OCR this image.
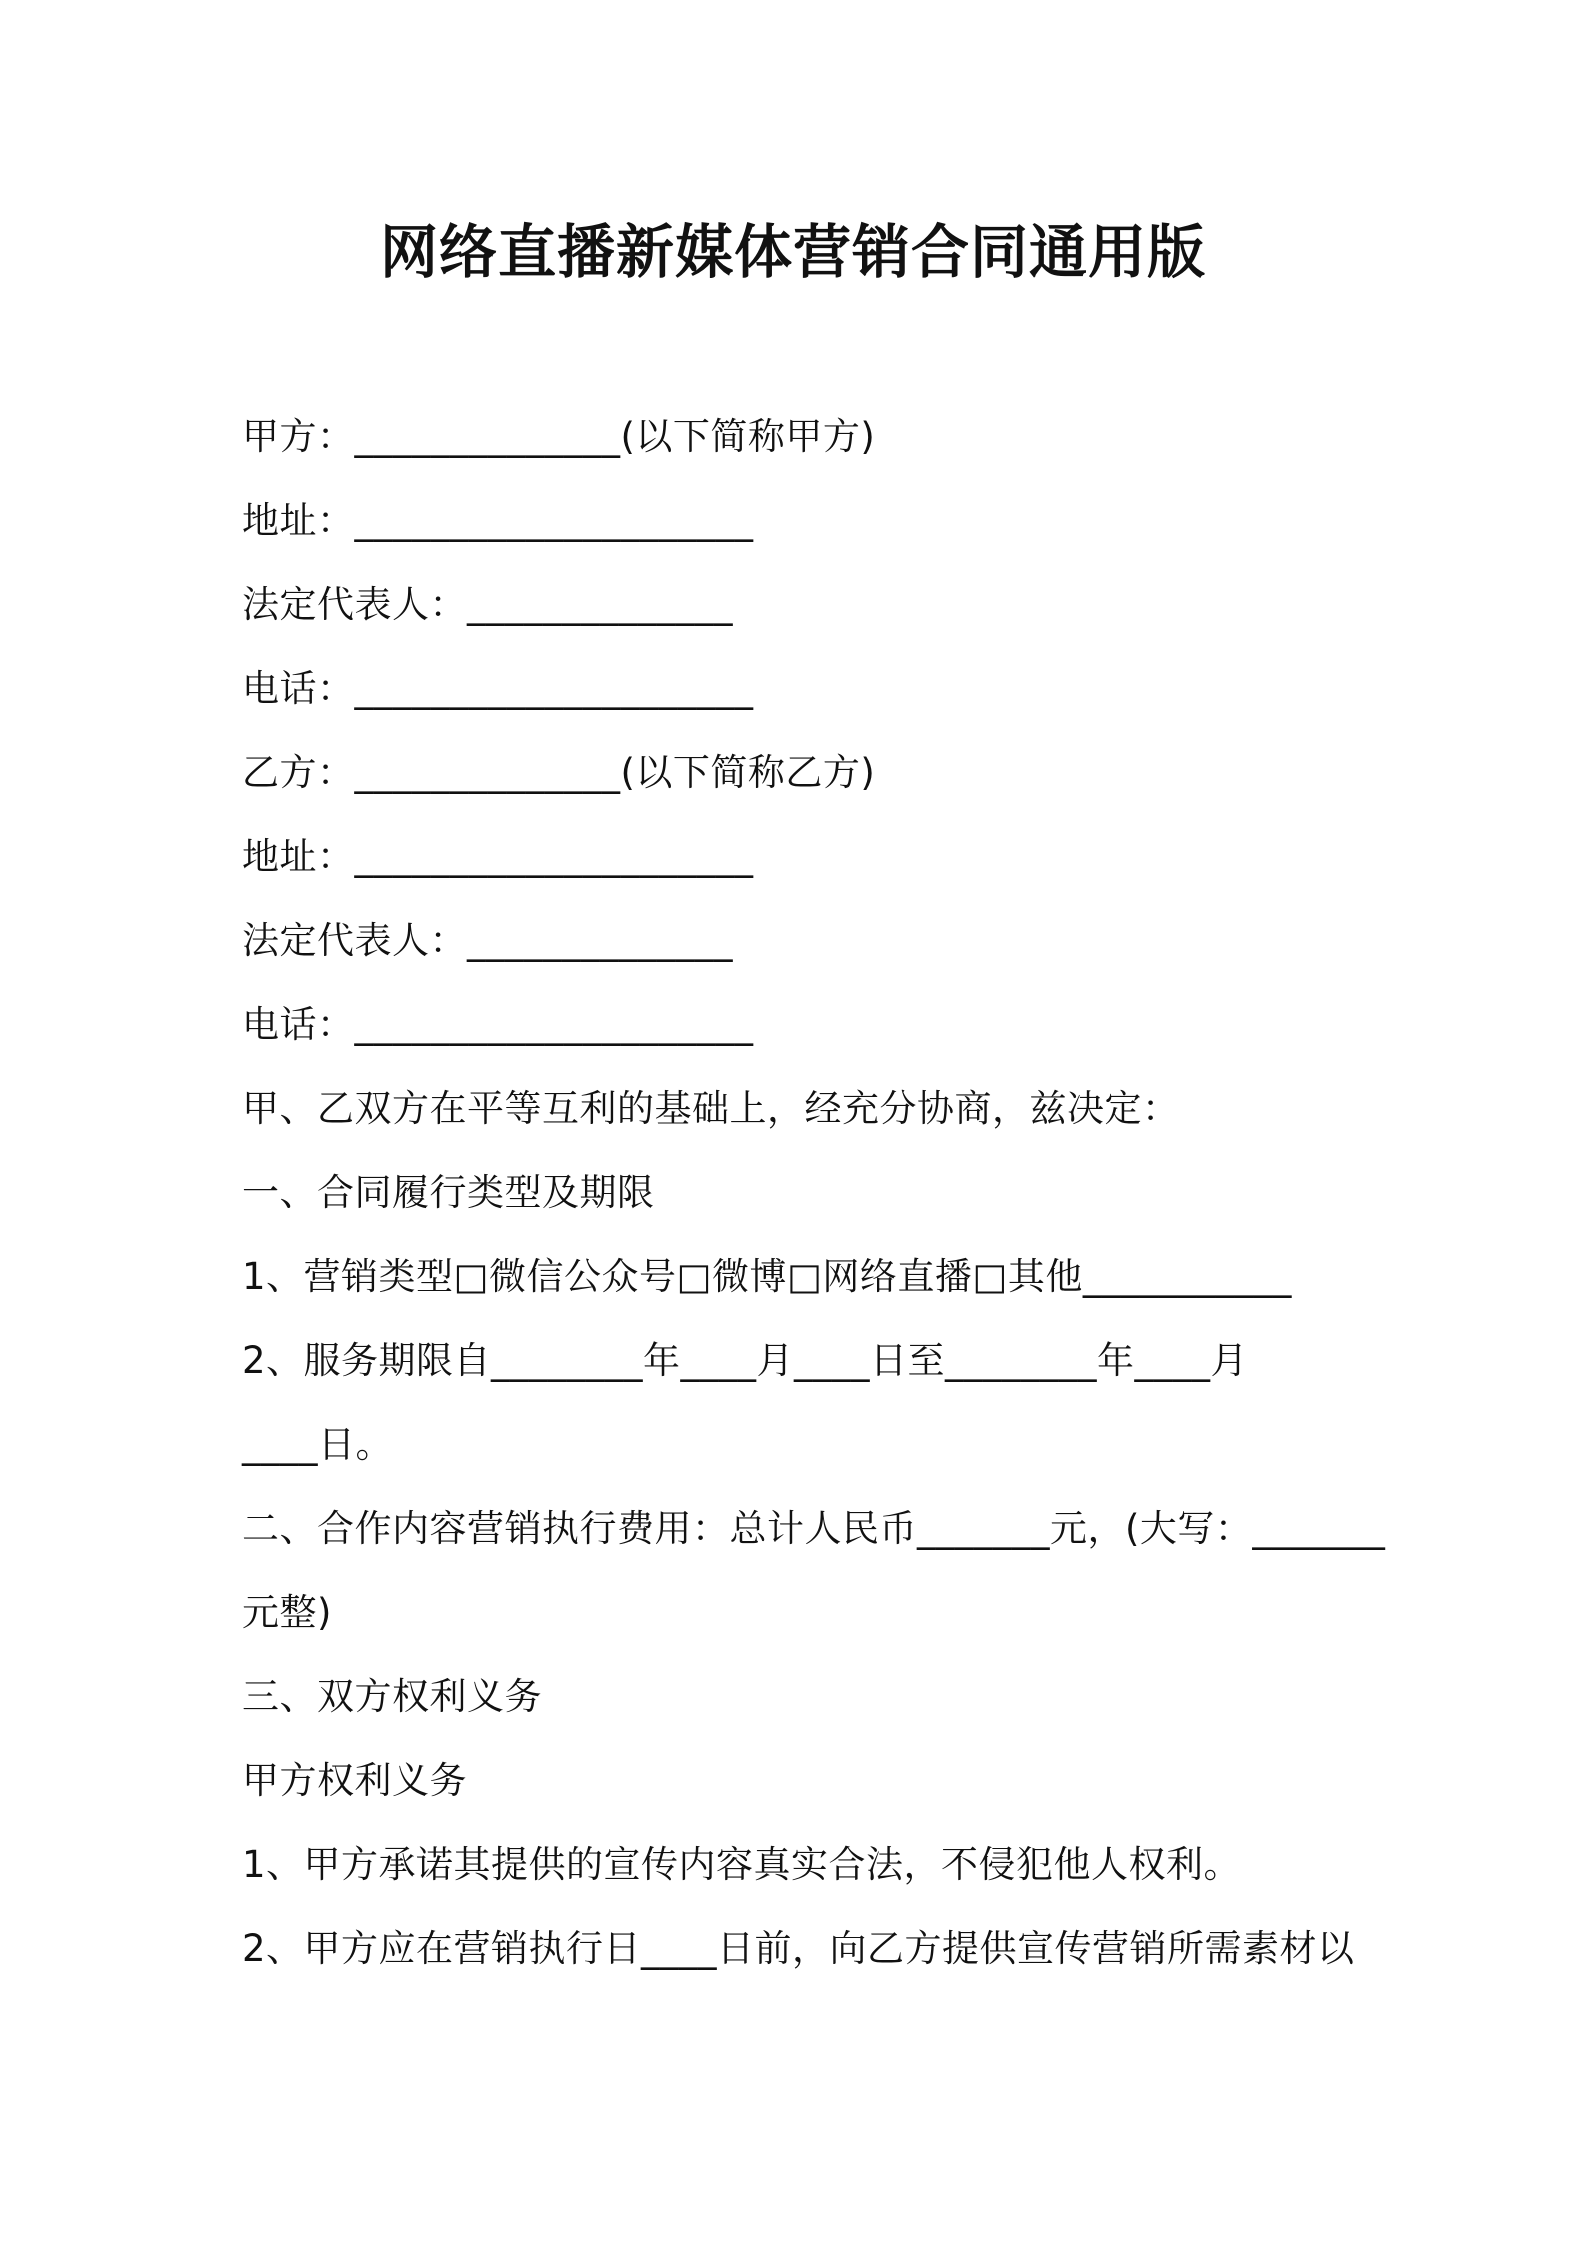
网络直播新媒体营销合同通用版
甲方：______________(以下简称甲方)
地址：_____________________
法定代表人：______________
电话：_____________________
乙方：______________(以下简称乙方)
地址：_____________________
法定代表人：______________
电话：_____________________
甲、乙双方在平等互利的基础上，经充分协商，兹决定：
一、合同履行类型及期限
1、营销类型□微信公众号□微博□网络直播□其他___________
2、服务期限自________年____月____日至________年____月
____日。
二、合作内容营销执行费用：总计人民币_______元，(大写：_______
元整)
三、双方权利义务
甲方权利义务
1、甲方承诺其提供的宣传内容真实合法，不侵犯他人权利。
2、甲方应在营销执行日____日前，向乙方提供宣传营销所需素材以
